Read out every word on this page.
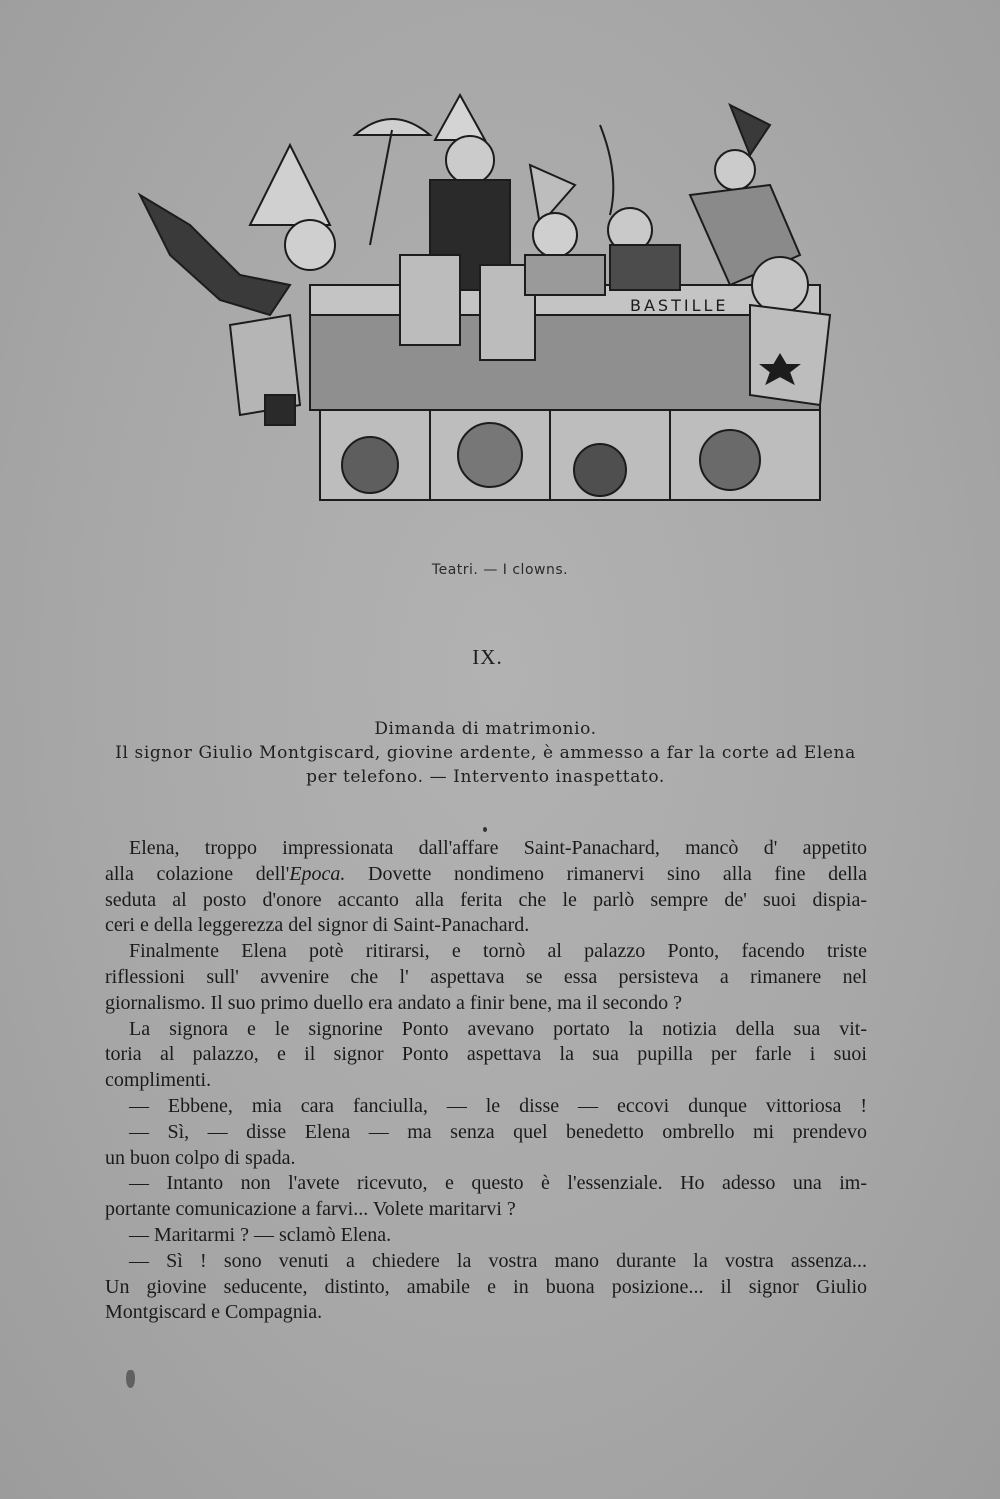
BASTILLE
Teatri. — I clowns.
IX.
Dimanda di matrimonio.
Il signor Giulio Montgiscard, giovine ardente, è ammesso a far la corte ad Elena
per telefono. — Intervento inaspettato.
Elena, troppo impressionata dall'affare Saint-Panachard, mancò d' appetito
alla colazione dell'Epoca. Dovette nondimeno rimanervi sino alla fine della
seduta al posto d'onore accanto alla ferita che le parlò sempre de' suoi dispia-
ceri e della leggerezza del signor di Saint-Panachard.
Finalmente Elena potè ritirarsi, e tornò al palazzo Ponto, facendo triste
riflessioni sull' avvenire che l' aspettava se essa persisteva a rimanere nel
giornalismo. Il suo primo duello era andato a finir bene, ma il secondo ?
La signora e le signorine Ponto avevano portato la notizia della sua vit-
toria al palazzo, e il signor Ponto aspettava la sua pupilla per farle i suoi
complimenti.
— Ebbene, mia cara fanciulla, — le disse — eccovi dunque vittoriosa !
— Sì, — disse Elena — ma senza quel benedetto ombrello mi prendevo
un buon colpo di spada.
— Intanto non l'avete ricevuto, e questo è l'essenziale. Ho adesso una im-
portante comunicazione a farvi... Volete maritarvi ?
— Maritarmi ? — sclamò Elena.
— Sì ! sono venuti a chiedere la vostra mano durante la vostra assenza...
Un giovine seducente, distinto, amabile e in buona posizione... il signor Giulio
Montgiscard e Compagnia.
